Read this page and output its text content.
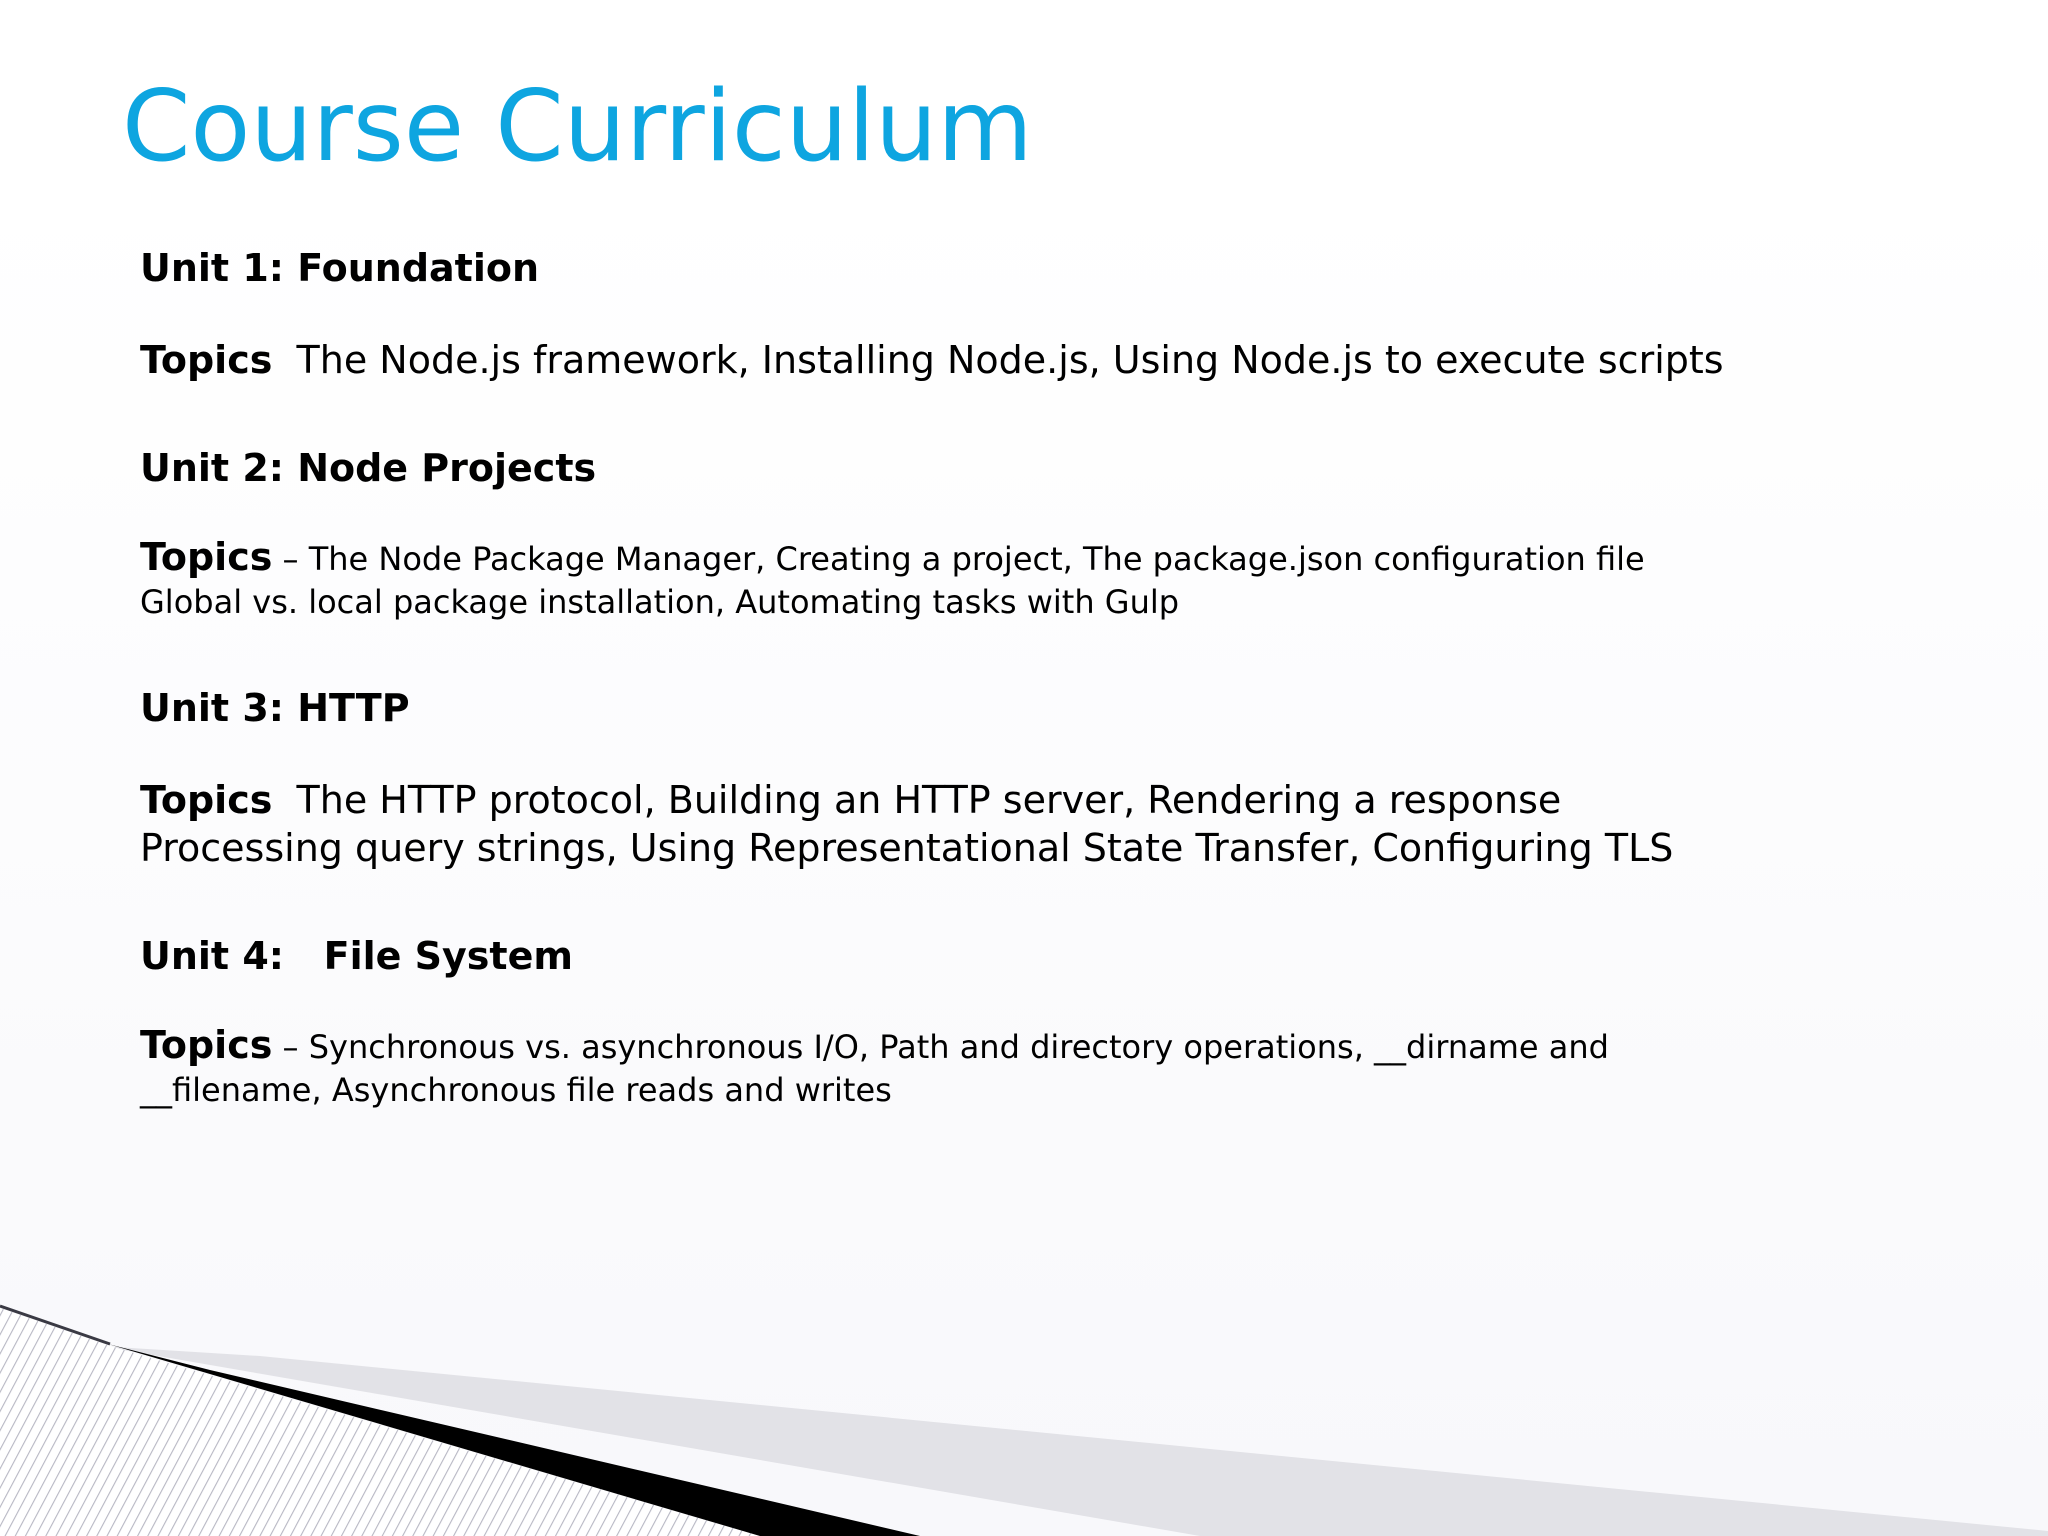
Course Curriculum

Unit 1: Foundation

Topics The Node.js framework, Installing Node.js, Using Node.js to execute scripts

Unit 2: Node Projects

Topics – The Node Package Manager, Creating a project, The package.json configuration file
Global vs. local package installation, Automating tasks with Gulp

Unit 3: HTTP

Topics The HTTP protocol, Building an HTTP server, Rendering a response
Processing query strings, Using Representational State Transfer, Configuring TLS

Unit 4:   File System

Topics – Synchronous vs. asynchronous I/O, Path and directory operations, __dirname and
__filename, Asynchronous file reads and writes
